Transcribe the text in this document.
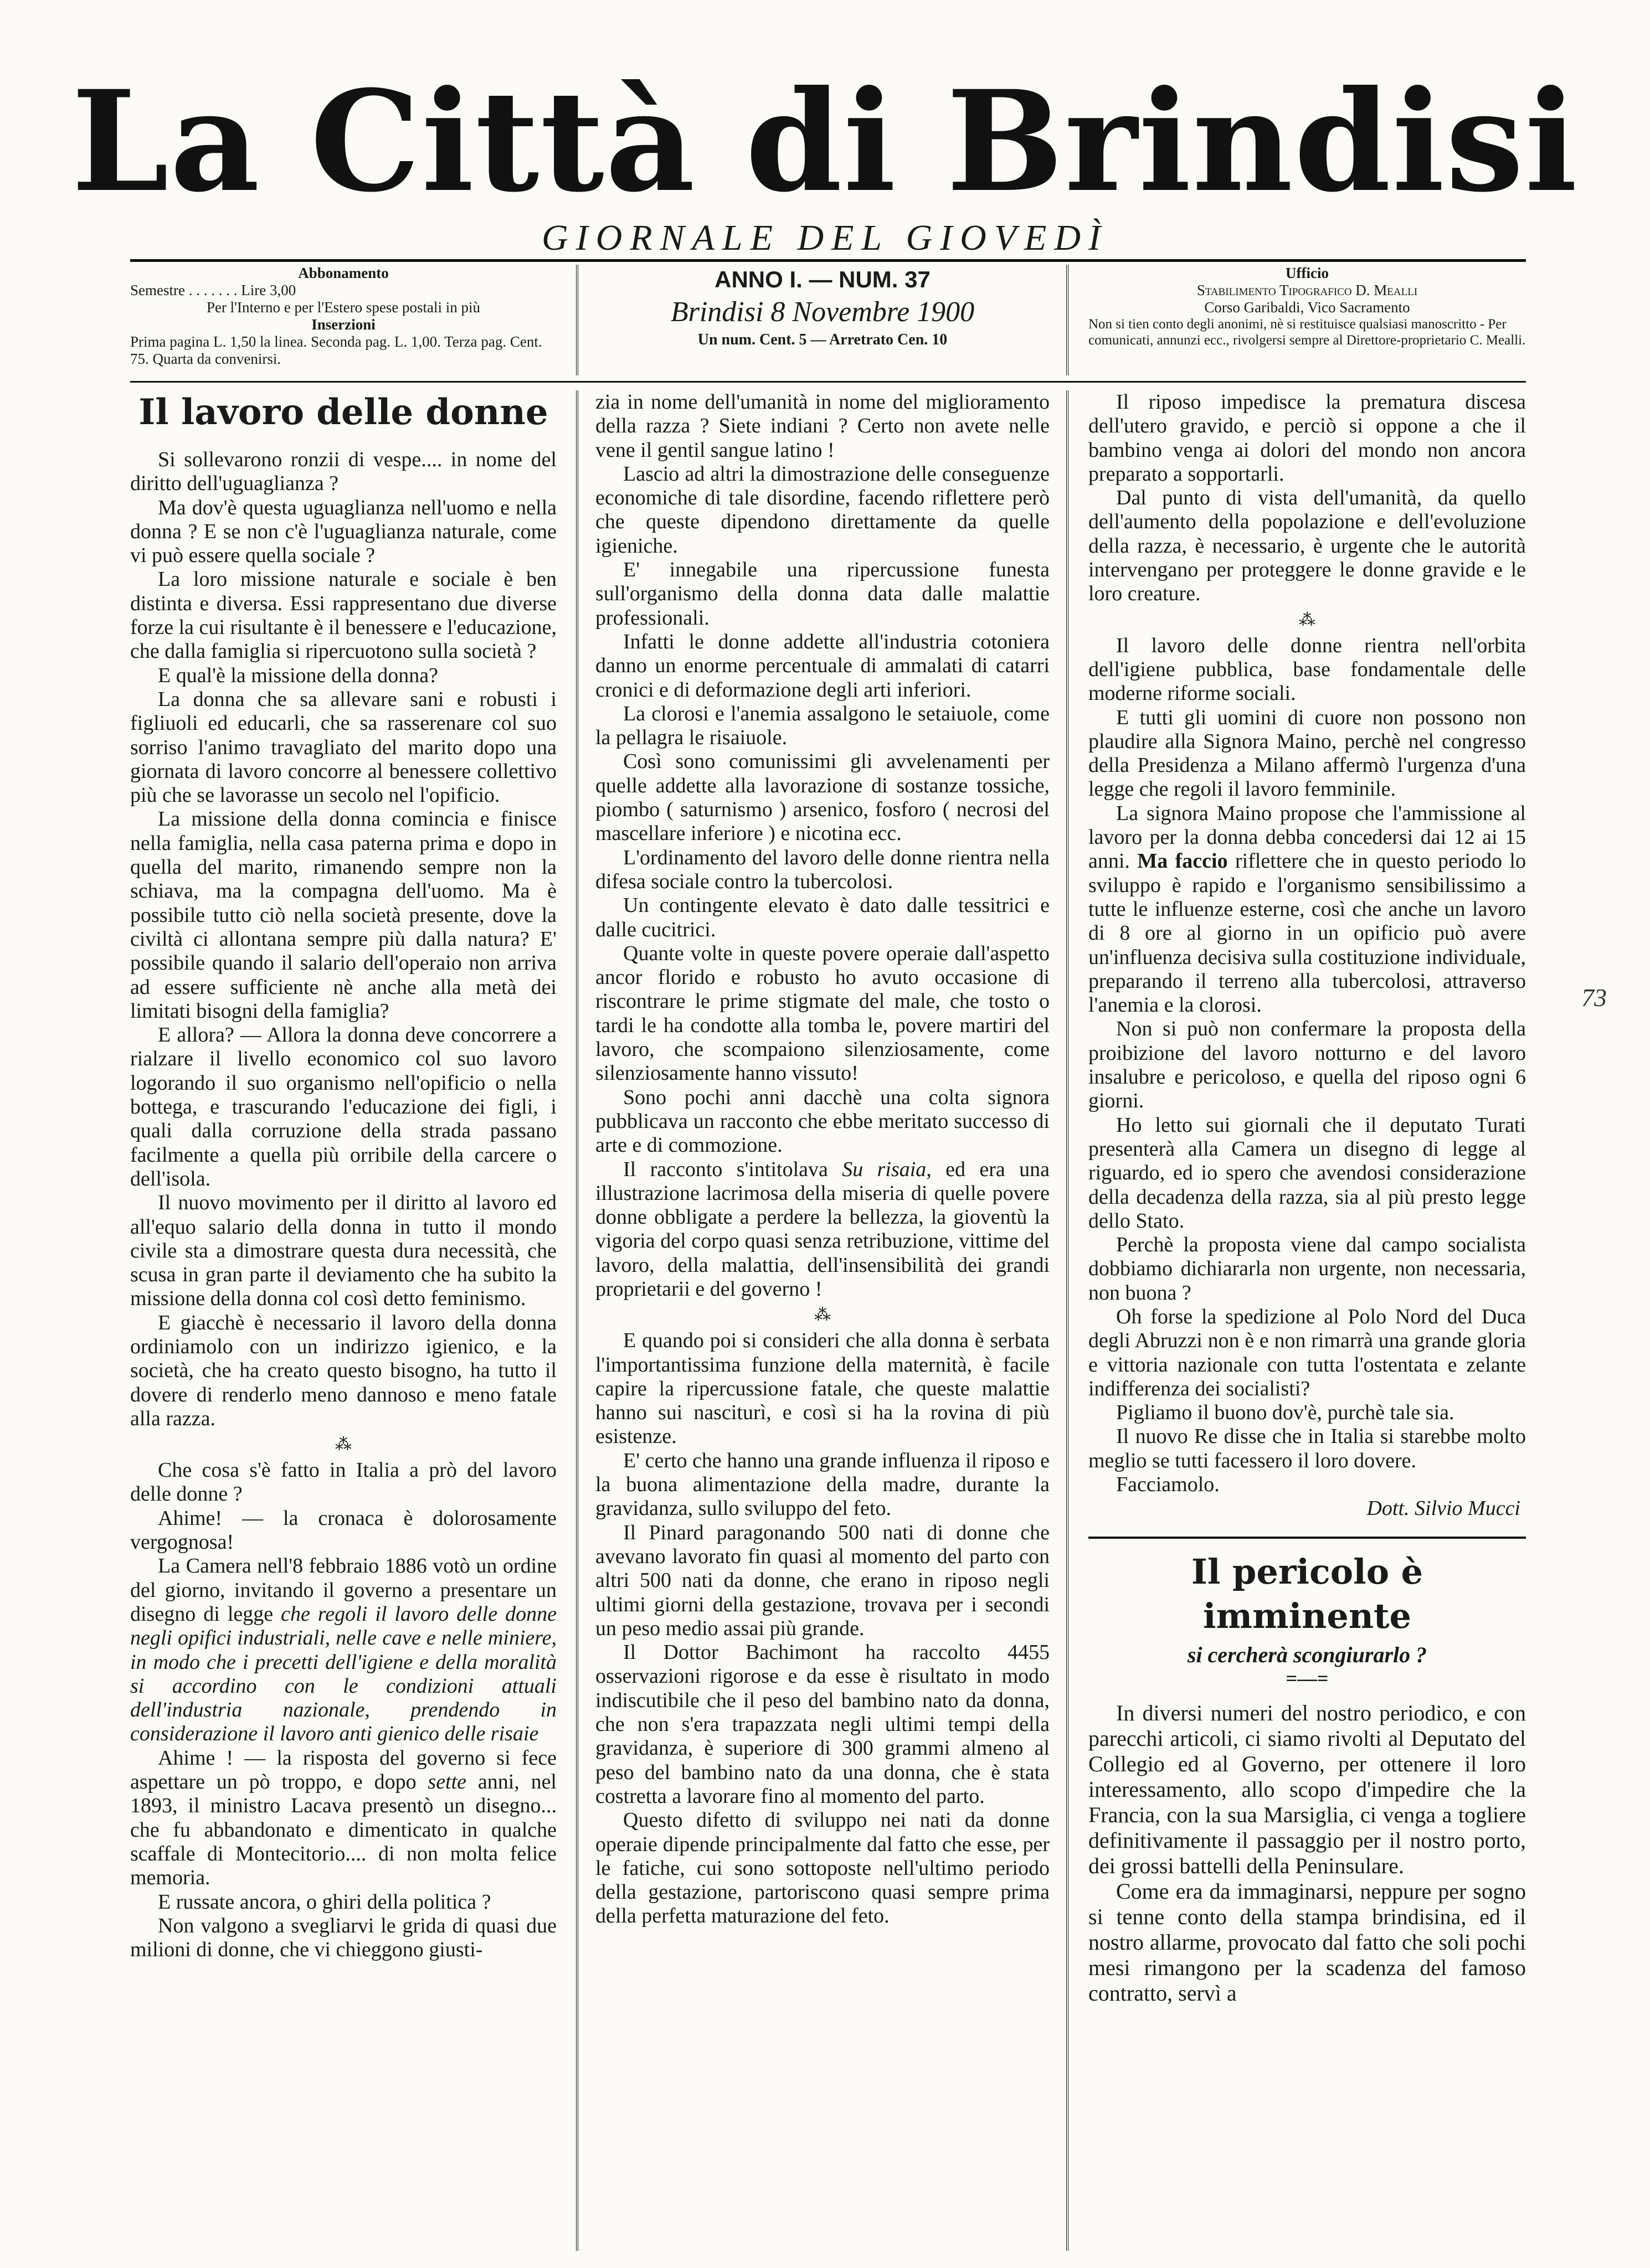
La Città di Brindisi
GIORNALE DEL GIOVEDÌ
Abbonamento
Semestre . . . . . . . Lire 3,00
Per l'Interno e per l'Estero spese postali in più
Inserzioni
Prima pagina L. 1,50 la linea. Seconda pag. L. 1,00. Terza pag. Cent. 75. Quarta da convenirsi.
ANNO I. — NUM. 37
Brindisi 8 Novembre 1900
Un num. Cent. 5 — Arretrato Cen. 10
Ufficio
Stabilimento Tipografico D. Mealli
Corso Garibaldi, Vico Sacramento
Non si tien conto degli anonimi, nè si restituisce qualsiasi manoscritto - Per comunicati, annunzi ecc., rivolgersi sempre al Direttore-proprietario C. Mealli.
Il lavoro delle donne

Si sollevarono ronzii di vespe.... in nome del diritto dell'uguaglianza ?

Ma dov'è questa uguaglianza nell'uomo e nella donna ? E se non c'è l'uguaglianza naturale, come vi può essere quella sociale ?

La loro missione naturale e sociale è ben distinta e diversa. Essi rappresentano due diverse forze la cui risultante è il benessere e l'educazione, che dalla famiglia si ripercuotono sulla società ?

E qual'è la missione della donna?

La donna che sa allevare sani e robusti i figliuoli ed educarli, che sa rasserenare col suo sorriso l'animo travagliato del marito dopo una giornata di lavoro concorre al benessere collettivo più che se lavorasse un secolo nel l'opificio.

La missione della donna comincia e finisce nella famiglia, nella casa paterna prima e dopo in quella del marito, rimanendo sempre non la schiava, ma la compagna dell'uomo. Ma è possibile tutto ciò nella società presente, dove la civiltà ci allontana sempre più dalla natura? E' possibile quando il salario dell'operaio non arriva ad essere sufficiente nè anche alla metà dei limitati bisogni della famiglia?

E allora? — Allora la donna deve concorrere a rialzare il livello economico col suo lavoro logorando il suo organismo nell'opificio o nella bottega, e trascurando l'educazione dei figli, i quali dalla corruzione della strada passano facilmente a quella più orribile della carcere o dell'isola.

Il nuovo movimento per il diritto al lavoro ed all'equo salario della donna in tutto il mondo civile sta a dimostrare questa dura necessità, che scusa in gran parte il deviamento che ha subito la missione della donna col così detto feminismo.

E giacchè è necessario il lavoro della donna ordiniamolo con un indirizzo igienico, e la società, che ha creato questo bisogno, ha tutto il dovere di renderlo meno dannoso e meno fatale alla razza.

⁂

Che cosa s'è fatto in Italia a prò del lavoro delle donne ?

Ahime! — la cronaca è dolorosamente vergognosa!

La Camera nell'8 febbraio 1886 votò un ordine del giorno, invitando il governo a presentare un disegno di legge che regoli il lavoro delle donne negli opifici industriali, nelle cave e nelle miniere, in modo che i precetti dell'igiene e della moralità si accordino con le condizioni attuali dell'industria nazionale, prendendo in considerazione il lavoro anti gienico delle risaie

Ahime ! — la risposta del governo si fece aspettare un pò troppo, e dopo sette anni, nel 1893, il ministro Lacava presentò un disegno... che fu abbandonato e dimenticato in qualche scaffale di Montecitorio.... di non molta felice memoria.

E russate ancora, o ghiri della politica ?

Non valgono a svegliarvi le grida di quasi due milioni di donne, che vi chieggono giusti-

zia in nome dell'umanità in nome del miglioramento della razza ? Siete indiani ? Certo non avete nelle vene il gentil sangue latino !

Lascio ad altri la dimostrazione delle conseguenze economiche di tale disordine, facendo riflettere però che queste dipendono direttamente da quelle igieniche.

E' innegabile una ripercussione funesta sull'organismo della donna data dalle malattie professionali.

Infatti le donne addette all'industria cotoniera danno un enorme percentuale di ammalati di catarri cronici e di deformazione degli arti inferiori.

La clorosi e l'anemia assalgono le setaiuole, come la pellagra le risaiuole.

Così sono comunissimi gli avvelenamenti per quelle addette alla lavorazione di sostanze tossiche, piombo ( saturnismo ) arsenico, fosforo ( necrosi del mascellare inferiore ) e nicotina ecc.

L'ordinamento del lavoro delle donne rientra nella difesa sociale contro la tubercolosi.

Un contingente elevato è dato dalle tessitrici e dalle cucitrici.

Quante volte in queste povere operaie dall'aspetto ancor florido e robusto ho avuto occasione di riscontrare le prime stigmate del male, che tosto o tardi le ha condotte alla tomba le, povere martiri del lavoro, che scompaiono silenziosamente, come silenziosamente hanno vissuto!

Sono pochi anni dacchè una colta signora pubblicava un racconto che ebbe meritato successo di arte e di commozione.

Il racconto s'intitolava Su risaia, ed era una illustrazione lacrimosa della miseria di quelle povere donne obbligate a perdere la bellezza, la gioventù la vigoria del corpo quasi senza retribuzione, vittime del lavoro, della malattia, dell'insensibilità dei grandi proprietarii e del governo !

⁂

E quando poi si consideri che alla donna è serbata l'importantissima funzione della maternità, è facile capire la ripercussione fatale, che queste malattie hanno sui nasciturì, e così si ha la rovina di più esistenze.

E' certo che hanno una grande influenza il riposo e la buona alimentazione della madre, durante la gravidanza, sullo sviluppo del feto.

Il Pinard paragonando 500 nati di donne che avevano lavorato fin quasi al momento del parto con altri 500 nati da donne, che erano in riposo negli ultimi giorni della gestazione, trovava per i secondi un peso medio assai più grande.

Il Dottor Bachimont ha raccolto 4455 osservazioni rigorose e da esse è risultato in modo indiscutibile che il peso del bambino nato da donna, che non s'era trapazzata negli ultimi tempi della gravidanza, è superiore di 300 grammi almeno al peso del bambino nato da una donna, che è stata costretta a lavorare fino al momento del parto.

Questo difetto di sviluppo nei nati da donne operaie dipende principalmente dal fatto che esse, per le fatiche, cui sono sottoposte nell'ultimo periodo della gestazione, partoriscono quasi sempre prima della perfetta maturazione del feto.

Il riposo impedisce la prematura discesa dell'utero gravido, e perciò si oppone a che il bambino venga ai dolori del mondo non ancora preparato a sopportarli.

Dal punto di vista dell'umanità, da quello dell'aumento della popolazione e dell'evoluzione della razza, è necessario, è urgente che le autorità intervengano per proteggere le donne gravide e le loro creature.

⁂

Il lavoro delle donne rientra nell'orbita dell'igiene pubblica, base fondamentale delle moderne riforme sociali.

E tutti gli uomini di cuore non possono non plaudire alla Signora Maino, perchè nel congresso della Presidenza a Milano affermò l'urgenza d'una legge che regoli il lavoro femminile.

La signora Maino propose che l'ammissione al lavoro per la donna debba concedersi dai 12 ai 15 anni. Ma faccio riflettere che in questo periodo lo sviluppo è rapido e l'organismo sensibilissimo a tutte le influenze esterne, così che anche un lavoro di 8 ore al giorno in un opificio può avere un'influenza decisiva sulla costituzione individuale, preparando il terreno alla tubercolosi, attraverso l'anemia e la clorosi.

Non si può non confermare la proposta della proibizione del lavoro notturno e del lavoro insalubre e pericoloso, e quella del riposo ogni 6 giorni.

Ho letto sui giornali che il deputato Turati presenterà alla Camera un disegno di legge al riguardo, ed io spero che avendosi considerazione della decadenza della razza, sia al più presto legge dello Stato.

Perchè la proposta viene dal campo socialista dobbiamo dichiararla non urgente, non necessaria, non buona ?

Oh forse la spedizione al Polo Nord del Duca degli Abruzzi non è e non rimarrà una grande gloria e vittoria nazionale con tutta l'ostentata e zelante indifferenza dei socialisti?

Pigliamo il buono dov'è, purchè tale sia.

Il nuovo Re disse che in Italia si starebbe molto meglio se tutti facessero il loro dovere.

Facciamolo.

Dott. Silvio Mucci
Il pericolo è imminente
si cercherà scongiurarlo ?
=—=

In diversi numeri del nostro periodico, e con parecchi articoli, ci siamo rivolti al Deputato del Collegio ed al Governo, per ottenere il loro interessamento, allo scopo d'impedire che la Francia, con la sua Marsiglia, ci venga a togliere definitivamente il passaggio per il nostro porto, dei grossi battelli della Peninsulare.

Come era da immaginarsi, neppure per sogno si tenne conto della stampa brindisina, ed il nostro allarme, provocato dal fatto che soli pochi mesi rimangono per la scadenza del famoso contratto, servì a

73
